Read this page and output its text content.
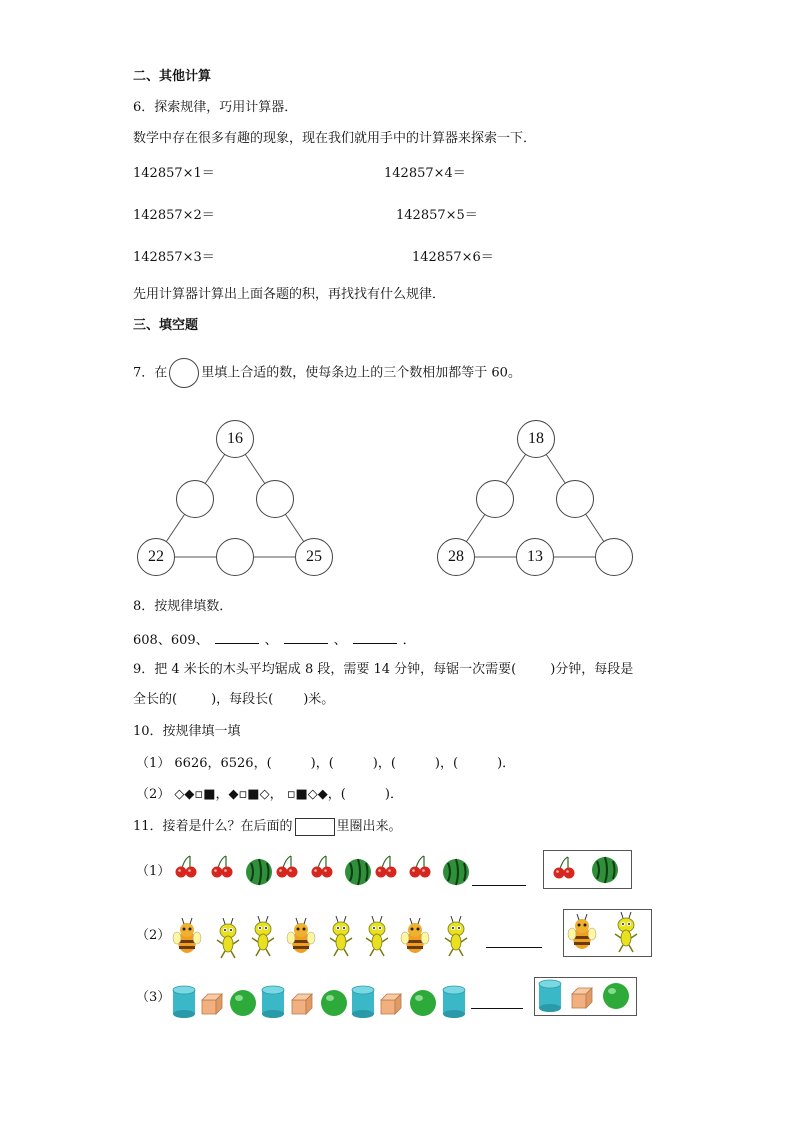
二、其他计算
6．探索规律，巧用计算器．
数学中存在很多有趣的现象，现在我们就用手中的计算器来探索一下．
142857×1＝	142857×4＝
142857×2＝	142857×5＝
142857×3＝	142857×6＝
先用计算器计算出上面各题的积，再找找有什么规律．
三、填空题
7．在	里填上合适的数，使每条边上的三个数相加都等于 60。
16
22	25
18
28	13
8．按规律填数．
608、609、	、	、	．
9．把 4 米长的木头平均锯成 8 段，需要 14 分钟，每锯一次需要(	)分钟，每段是
全长的(	)，每段长( )米。
10．按规律填一填
（1） 6626，6526，(　　　)，(　　　)，(　　　)，(　　　)．
（2） ◇◆▫■，◆▫■◇， ▫■◇◆，(　　　)．
11．接着是什么？在后面的	里圈出来。
（1）
（2）
（3）
